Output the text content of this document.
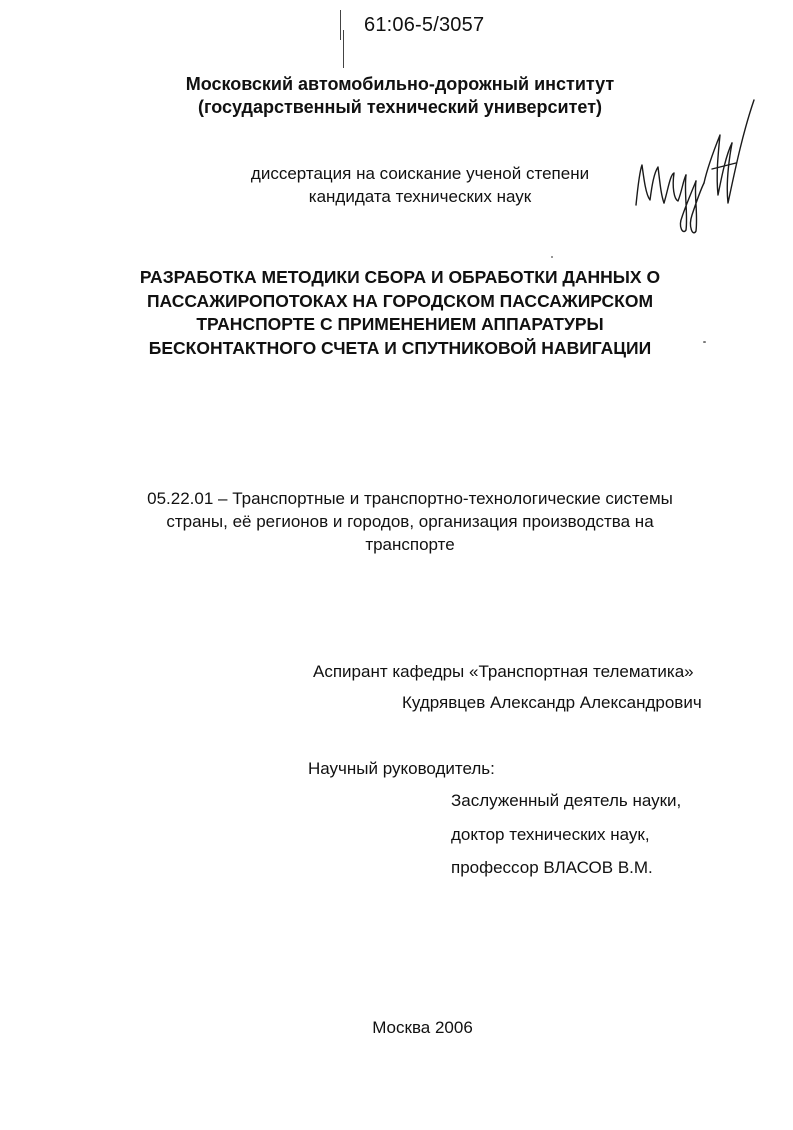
61:06-5/3057
Московский автомобильно-дорожный институт
(государственный технический университет)
диссертация на соискание ученой степени
кандидата технических наук
РАЗРАБОТКА МЕТОДИКИ СБОРА И ОБРАБОТКИ ДАННЫХ О
ПАССАЖИРОПОТОКАХ НА ГОРОДСКОМ ПАССАЖИРСКОМ
ТРАНСПОРТЕ С ПРИМЕНЕНИЕМ АППАРАТУРЫ
БЕСКОНТАКТНОГО СЧЕТА И СПУТНИКОВОЙ НАВИГАЦИИ
05.22.01 – Транспортные и транспортно-технологические системы
страны, её регионов и городов, организация производства на
транспорте
Аспирант кафедры «Транспортная телематика»
Кудрявцев Александр Александрович
Научный руководитель:
Заслуженный деятель науки,
доктор технических наук,
профессор ВЛАСОВ В.М.
Москва 2006
